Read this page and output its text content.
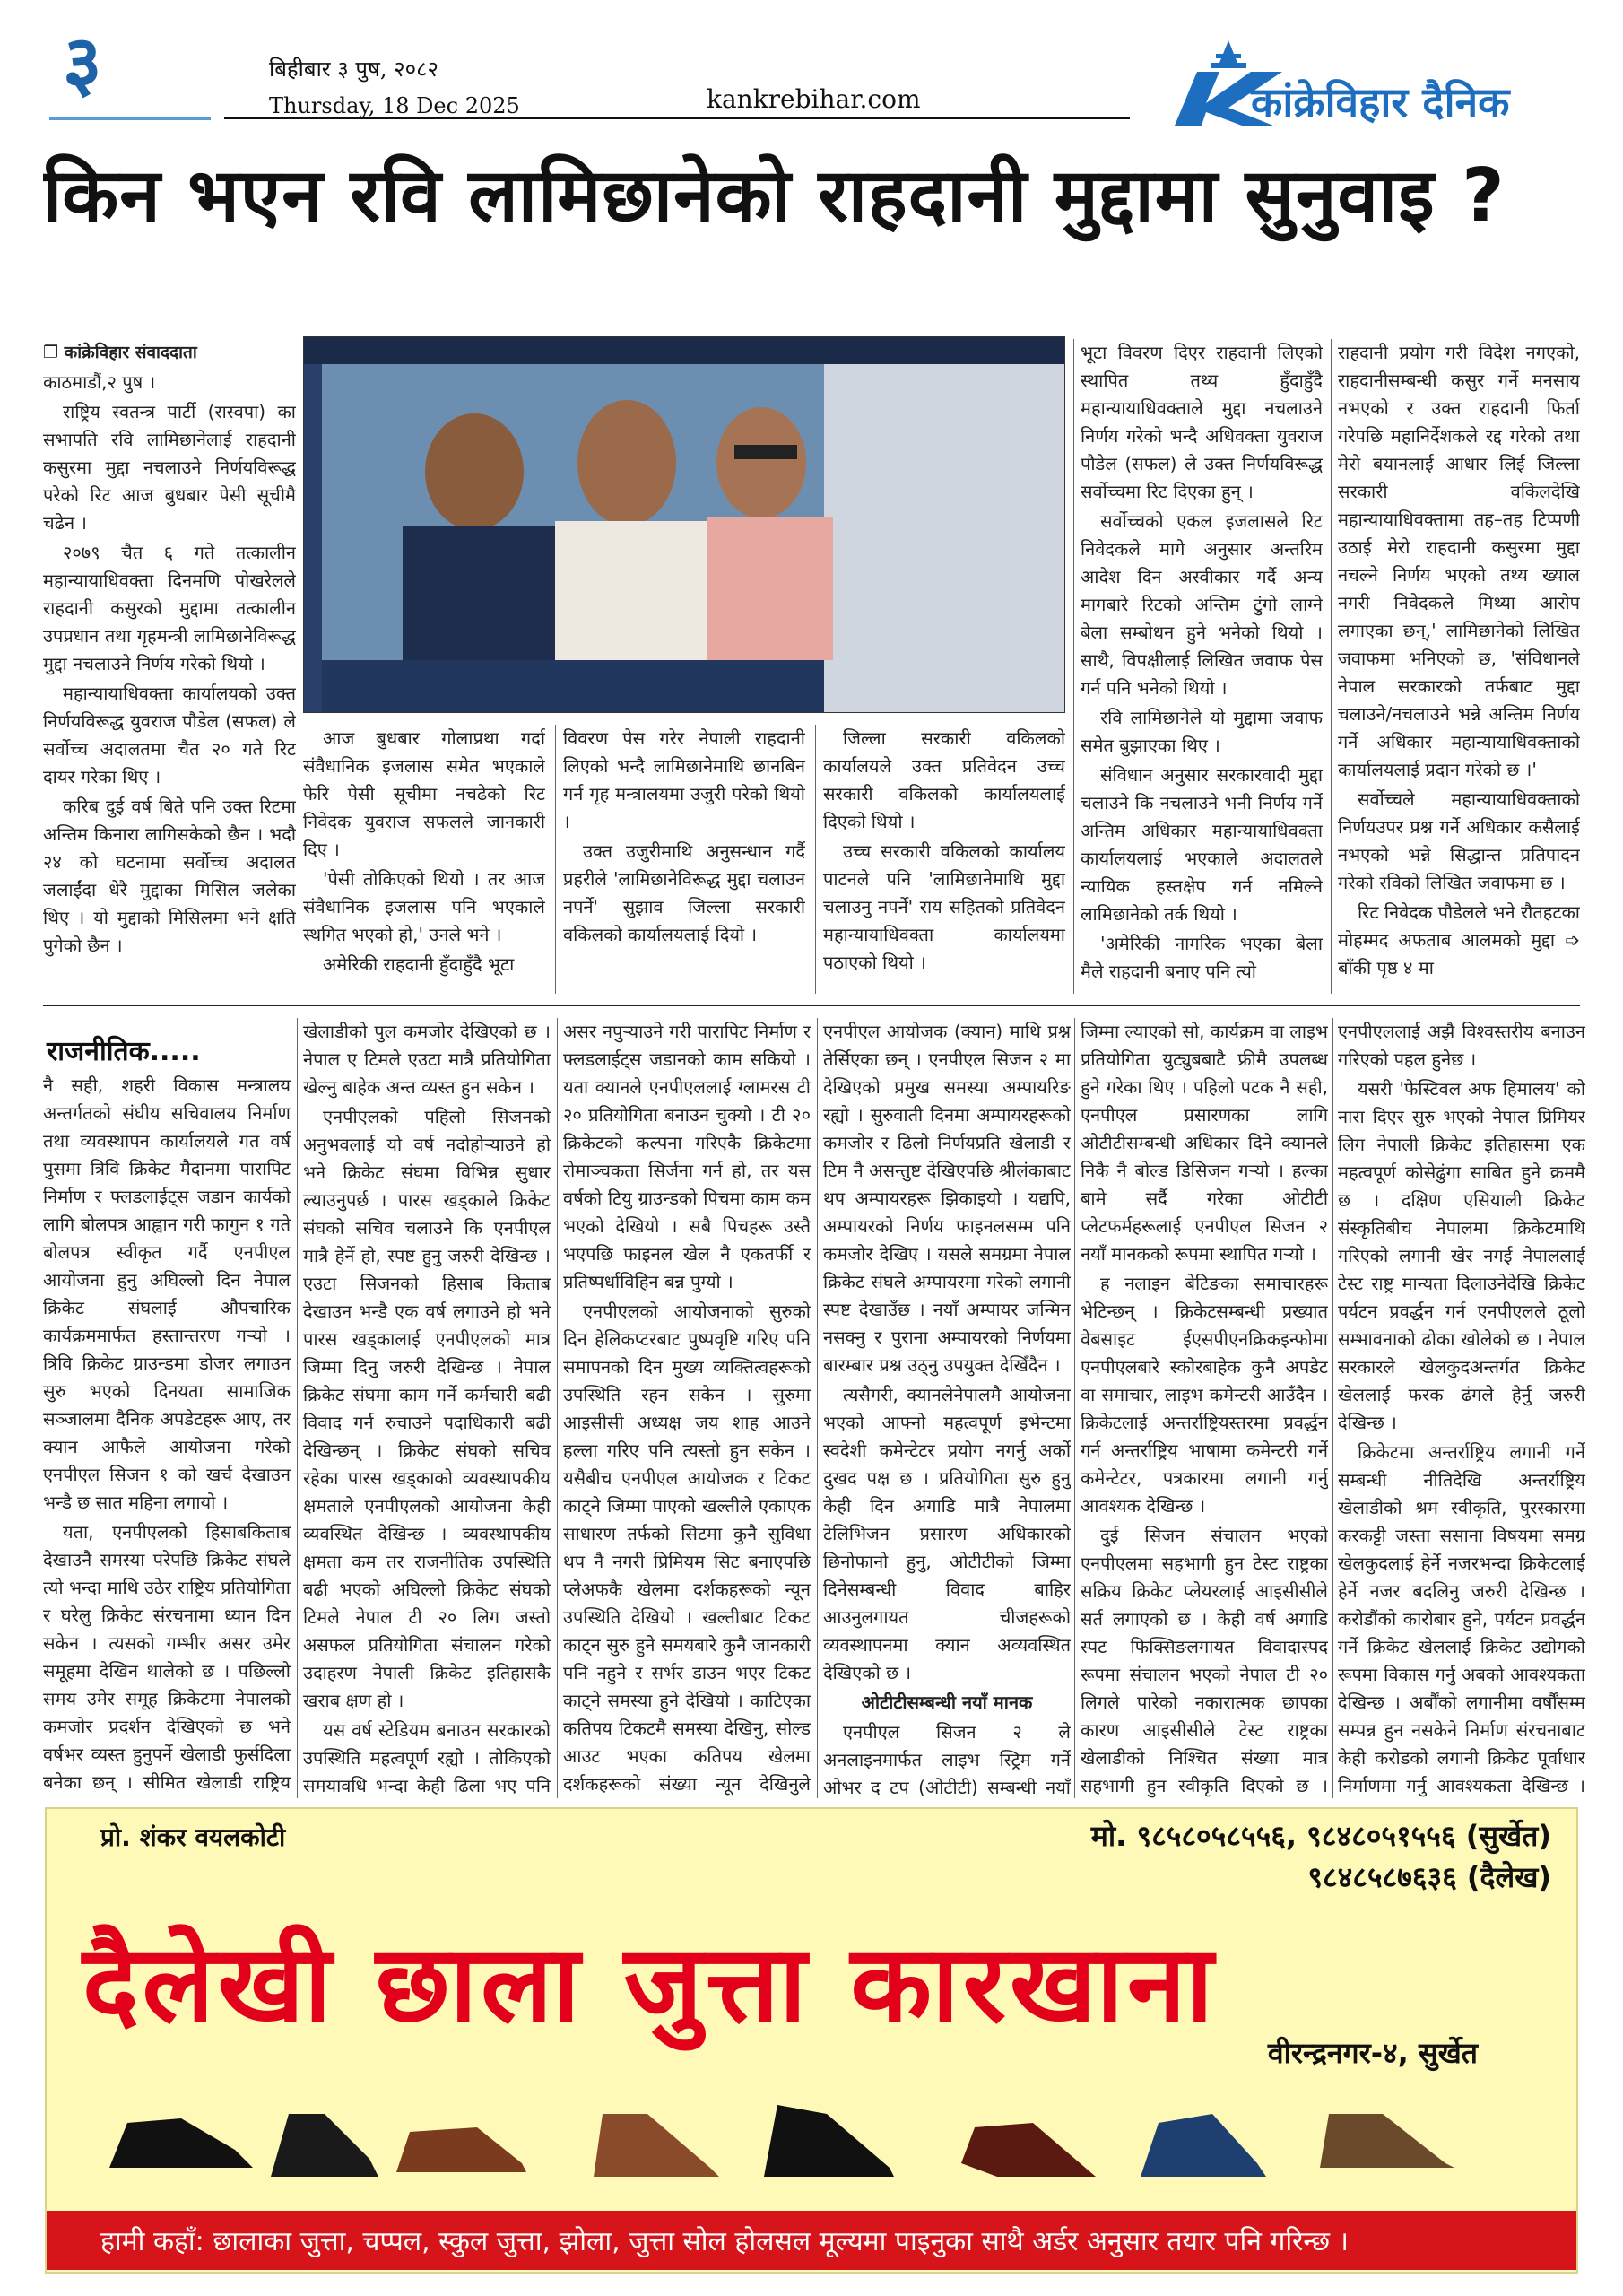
३	बिहीबार ३ पुष, २०८२
Thursday, 18 Dec 2025	kankrebihar.com	कांक्रेविहार दैनिक
किन भएन रवि लामिछानेको राहदानी मुद्दामा सुनुवाइ ?

❒ कांक्रेविहार संवाददाता

काठमाडौं,२ पुष ।

राष्ट्रिय स्वतन्त्र पार्टी (रास्वपा) का सभापति रवि लामिछानेलाई राहदानी कसुरमा मुद्दा नचलाउने निर्णयविरूद्ध परेको रिट आज बुधबार पेसी सूचीमै चढेन ।

२०७९ चैत ६ गते तत्कालीन महान्यायाधिवक्ता दिनमणि पोखरेलले राहदानी कसुरको मुद्दामा तत्कालीन उपप्रधान तथा गृहमन्त्री लामिछानेविरूद्ध मुद्दा नचलाउने निर्णय गरेको थियो ।

महान्यायाधिवक्ता कार्यालयको उक्त निर्णयविरूद्ध युवराज पौडेल (सफल) ले सर्वोच्च अदालतमा चैत २० गते रिट दायर गरेका थिए ।

करिब दुई वर्ष बिते पनि उक्त रिटमा अन्तिम किनारा लागिसकेको छैन । भदौ २४ को घटनामा सर्वोच्च अदालत जलाईंदा धेरै मुद्दाका मिसिल जलेका थिए । यो मुद्दाको मिसिलमा भने क्षति पुगेको छैन ।

आज बुधबार गोलाप्रथा गर्दा संवैधानिक इजलास समेत भएकाले फेरि पेसी सूचीमा नचढेको रिट निवेदक युवराज सफलले जानकारी दिए ।

'पेसी तोकिएको थियो । तर आज संवैधानिक इजलास पनि भएकाले स्थगित भएको हो,' उनले भने ।

अमेरिकी राहदानी हुँदाहुँदै भूटा

विवरण पेस गरेर नेपाली राहदानी लिएको भन्दै लामिछानेमाथि छानबिन गर्न गृह मन्त्रालयमा उजुरी परेको थियो ।

उक्त उजुरीमाथि अनुसन्धान गर्दै प्रहरीले 'लामिछानेविरूद्ध मुद्दा चलाउन नपर्ने' सुझाव जिल्ला सरकारी वकिलको कार्यालयलाई दियो ।

जिल्ला सरकारी वकिलको कार्यालयले उक्त प्रतिवेदन उच्च सरकारी वकिलको कार्यालयलाई दिएको थियो ।

उच्च सरकारी वकिलको कार्यालय पाटनले पनि 'लामिछानेमाथि मुद्दा चलाउनु नपर्ने' राय सहितको प्रतिवेदन महान्यायाधिवक्ता कार्यालयमा पठाएको थियो ।

भूटा विवरण दिएर राहदानी लिएको स्थापित तथ्य हुँदाहुँदै महान्यायाधिवक्ताले मुद्दा नचलाउने निर्णय गरेको भन्दै अधिवक्ता युवराज पौडेल (सफल) ले उक्त निर्णयविरूद्ध सर्वोच्चमा रिट दिएका हुन् ।

सर्वोच्चको एकल इजलासले रिट निवेदकले मागे अनुसार अन्तरिम आदेश दिन अस्वीकार गर्दै अन्य मागबारे रिटको अन्तिम टुंगो लाग्ने बेला सम्बोधन हुने भनेको थियो । साथै, विपक्षीलाई लिखित जवाफ पेस गर्न पनि भनेको थियो ।

रवि लामिछानेले यो मुद्दामा जवाफ समेत बुझाएका थिए ।

संविधान अनुसार सरकारवादी मुद्दा चलाउने कि नचलाउने भनी निर्णय गर्ने अन्तिम अधिकार महान्यायाधिवक्ता कार्यालयलाई भएकाले अदालतले न्यायिक हस्तक्षेप गर्न नमिल्ने लामिछानेको तर्क थियो ।

'अमेरिकी नागरिक भएका बेला मैले राहदानी बनाए पनि त्यो

राहदानी प्रयोग गरी विदेश नगएको, राहदानीसम्बन्धी कसुर गर्ने मनसाय नभएको र उक्त राहदानी फिर्ता गरेपछि महानिर्देशकले रद्द गरेको तथा मेरो बयानलाई आधार लिई जिल्ला सरकारी वकिलदेखि महान्यायाधिवक्तामा तह–तह टिप्पणी उठाई मेरो राहदानी कसुरमा मुद्दा नचल्ने निर्णय भएको तथ्य ख्याल नगरी निवेदकले मिथ्या आरोप लगाएका छन्,' लामिछानेको लिखित जवाफमा भनिएको छ, 'संविधानले नेपाल सरकारको तर्फबाट मुद्दा चलाउने/नचलाउने भन्ने अन्तिम निर्णय गर्ने अधिकार महान्यायाधिवक्ताको कार्यालयलाई प्रदान गरेको छ ।'

सर्वोच्चले महान्यायाधिवक्ताको निर्णयउपर प्रश्न गर्ने अधिकार कसैलाई नभएको भन्ने सिद्धान्त प्रतिपादन गरेको रविको लिखित जवाफमा छ ।

रिट निवेदक पौडेलले भने रौतहटका मोहम्मद अफताब आलमको मुद्दा ➩ बाँकी पृष्ठ ४ मा

राजनीतिक.....

नै सही, शहरी विकास मन्त्रालय अन्तर्गतको संघीय सचिवालय निर्माण तथा व्यवस्थापन कार्यालयले गत वर्ष पुसमा त्रिवि क्रिकेट मैदानमा पारापिट निर्माण र फ्लडलाईट्स जडान कार्यको लागि बोलपत्र आह्वान गरी फागुन १ गते बोलपत्र स्वीकृत गर्दै एनपीएल आयोजना हुनु अघिल्लो दिन नेपाल क्रिकेट संघलाई औपचारिक कार्यक्रममार्फत हस्तान्तरण गऱ्यो । त्रिवि क्रिकेट ग्राउन्डमा डोजर लगाउन सुरु भएको दिनयता सामाजिक सञ्जालमा दैनिक अपडेटहरू आए, तर क्यान आफैले आयोजना गरेको एनपीएल सिजन १ को खर्च देखाउन भन्डै छ सात महिना लगायो ।

यता, एनपीएलको हिसाबकिताब देखाउनै समस्या परेपछि क्रिकेट संघले त्यो भन्दा माथि उठेर राष्ट्रिय प्रतियोगिता र घरेलु क्रिकेट संरचनामा ध्यान दिन सकेन । त्यसको गम्भीर असर उमेर समूहमा देखिन थालेको छ । पछिल्लो समय उमेर समूह क्रिकेटमा नेपालको कमजोर प्रदर्शन देखिएको छ भने वर्षभर व्यस्त हुनुपर्ने खेलाडी फुर्सदिला बनेका छन् । सीमित खेलाडी राष्ट्रिय

खेलाडीको पुल कमजोर देखिएको छ । नेपाल ए टिमले एउटा मात्रै प्रतियोगिता खेल्नु बाहेक अन्त व्यस्त हुन सकेन ।

एनपीएलको पहिलो सिजनको अनुभवलाई यो वर्ष नदोहोऱ्याउने हो भने क्रिकेट संघमा विभिन्न सुधार ल्याउनुपर्छ । पारस खड्काले क्रिकेट संघको सचिव चलाउने कि एनपीएल मात्रै हेर्ने हो, स्पष्ट हुनु जरुरी देखिन्छ । एउटा सिजनको हिसाब किताब देखाउन भन्डै एक वर्ष लगाउने हो भने पारस खड्कालाई एनपीएलको मात्र जिम्मा दिनु जरुरी देखिन्छ । नेपाल क्रिकेट संघमा काम गर्ने कर्मचारी बढी विवाद गर्न रुचाउने पदाधिकारी बढी देखिन्छन् । क्रिकेट संघको सचिव रहेका पारस खड्काको व्यवस्थापकीय क्षमताले एनपीएलको आयोजना केही व्यवस्थित देखिन्छ । व्यवस्थापकीय क्षमता कम तर राजनीतिक उपस्थिति बढी भएको अघिल्लो क्रिकेट संघको टिमले नेपाल टी २० लिग जस्तो असफल प्रतियोगिता संचालन गरेको उदाहरण नेपाली क्रिकेट इतिहासकै खराब क्षण हो ।

यस वर्ष स्टेडियम बनाउन सरकारको उपस्थिति महत्वपूर्ण रह्यो । तोकिएको समयावधि भन्दा केही ढिला भए पनि

असर नपुऱ्याउने गरी पारापिट निर्माण र फ्लडलाईट्स जडानको काम सकियो । यता क्यानले एनपीएललाई ग्लामरस टी २० प्रतियोगिता बनाउन चुक्यो । टी २० क्रिकेटको कल्पना गरिएकै क्रिकेटमा रोमाञ्चकता सिर्जना गर्न हो, तर यस वर्षको टियु ग्राउन्डको पिचमा काम कम भएको देखियो । सबै पिचहरू उस्तै भएपछि फाइनल खेल नै एकतर्फी र प्रतिष्पर्धाविहिन बन्न पुग्यो ।

एनपीएलको आयोजनाको सुरुको दिन हेलिकप्टरबाट पुष्पवृष्टि गरिए पनि समापनको दिन मुख्य व्यक्तित्वहरूको उपस्थिति रहन सकेन । सुरुमा आइसीसी अध्यक्ष जय शाह आउने हल्ला गरिए पनि त्यस्तो हुन सकेन । यसैबीच एनपीएल आयोजक र टिकट काट्ने जिम्मा पाएको खल्तीले एकाएक साधारण तर्फको सिटमा कुनै सुविधा थप नै नगरी प्रिमियम सिट बनाएपछि प्लेअफकै खेलमा दर्शकहरूको न्यून उपस्थिति देखियो । खल्तीबाट टिकट काट्न सुरु हुने समयबारे कुनै जानकारी पनि नहुने र सर्भर डाउन भएर टिकट काट्ने समस्या हुने देखियो । काटिएका कतिपय टिकटमै समस्या देखिनु, सोल्ड आउट भएका कतिपय खेलमा दर्शकहरूको संख्या न्यून देखिनुले

एनपीएल आयोजक (क्यान) माथि प्रश्न तेर्सिएका छन् । एनपीएल सिजन २ मा देखिएको प्रमुख समस्या अम्पायरिङ रह्यो । सुरुवाती दिनमा अम्पायरहरूको कमजोर र ढिलो निर्णयप्रति खेलाडी र टिम नै असन्तुष्ट देखिएपछि श्रीलंकाबाट थप अम्पायरहरू झिकाइयो । यद्यपि, अम्पायरको निर्णय फाइनलसम्म पनि कमजोर देखिए । यसले समग्रमा नेपाल क्रिकेट संघले अम्पायरमा गरेको लगानी स्पष्ट देखाउँछ । नयाँ अम्पायर जन्मिन नसक्नु र पुराना अम्पायरको निर्णयमा बारम्बार प्रश्न उठ्नु उपयुक्त देखिँदैन ।

त्यसैगरी, क्यानलेनेपालमै आयोजना भएको आफ्नो महत्वपूर्ण इभेन्टमा स्वदेशी कमेन्टेटर प्रयोग नगर्नु अर्को दुखद पक्ष छ । प्रतियोगिता सुरु हुनु केही दिन अगाडि मात्रै नेपालमा टेलिभिजन प्रसारण अधिकारको छिनोफानो हुनु, ओटीटीको जिम्मा दिनेसम्बन्धी विवाद बाहिर आउनुलगायत चीजहरूको व्यवस्थापनमा क्यान अव्यवस्थित देखिएको छ ।

ओटीटीसम्बन्धी नयाँ मानक

एनपीएल सिजन २ ले अनलाइनमार्फत लाइभ स्ट्रिम गर्ने ओभर द टप (ओटीटी) सम्बन्धी नयाँ

जिम्मा ल्याएको सो, कार्यक्रम वा लाइभ प्रतियोगिता युट्युबबाटै फ्रीमै उपलब्ध हुने गरेका थिए । पहिलो पटक नै सही, एनपीएल प्रसारणका लागि ओटीटीसम्बन्धी अधिकार दिने क्यानले निकै नै बोल्ड डिसिजन गऱ्यो । हल्का बामे सर्दै गरेका ओटीटी प्लेटफर्महरूलाई एनपीएल सिजन २ नयाँ मानकको रूपमा स्थापित गऱ्यो ।

ह नलाइन बेटिङका समाचारहरू भेटिन्छन् । क्रिकेटसम्बन्धी प्रख्यात वेबसाइट ईएसपीएनक्रिकइन्फोमा एनपीएलबारे स्कोरबाहेक कुनै अपडेट वा समाचार, लाइभ कमेन्टरी आउँदैन । क्रिकेटलाई अन्तर्राष्ट्रियस्तरमा प्रवर्द्धन गर्न अन्तर्राष्ट्रिय भाषामा कमेन्टरी गर्ने कमेन्टेटर, पत्रकारमा लगानी गर्नु आवश्यक देखिन्छ ।

दुई सिजन संचालन भएको एनपीएलमा सहभागी हुन टेस्ट राष्ट्रका सक्रिय क्रिकेट प्लेयरलाई आइसीसीले सर्त लगाएको छ । केही वर्ष अगाडि स्पट फिक्सिङलगायत विवादास्पद रूपमा संचालन भएको नेपाल टी २० लिगले पारेको नकारात्मक छापका कारण आइसीसीले टेस्ट राष्ट्रका खेलाडीको निश्चित संख्या मात्र सहभागी हुन स्वीकृति दिएको छ ।

एनपीएललाई अझै विश्वस्तरीय बनाउन गरिएको पहल हुनेछ ।

यसरी 'फेस्टिवल अफ हिमालय' को नारा दिएर सुरु भएको नेपाल प्रिमियर लिग नेपाली क्रिकेट इतिहासमा एक महत्वपूर्ण कोसेढुंगा साबित हुने क्रममै छ । दक्षिण एसियाली क्रिकेट संस्कृतिबीच नेपालमा क्रिकेटमाथि गरिएको लगानी खेर नगई नेपाललाई टेस्ट राष्ट्र मान्यता दिलाउनेदेखि क्रिकेट पर्यटन प्रवर्द्धन गर्न एनपीएलले ठूलो सम्भावनाको ढोका खोलेको छ । नेपाल सरकारले खेलकुदअन्तर्गत क्रिकेट खेललाई फरक ढंगले हेर्नु जरुरी देखिन्छ ।

क्रिकेटमा अन्तर्राष्ट्रिय लगानी गर्ने सम्बन्धी नीतिदेखि अन्तर्राष्ट्रिय खेलाडीको श्रम स्वीकृति, पुरस्कारमा करकट्टी जस्ता ससाना विषयमा समग्र खेलकुदलाई हेर्ने नजरभन्दा क्रिकेटलाई हेर्ने नजर बदलिनु जरुरी देखिन्छ । करोडौंको कारोबार हुने, पर्यटन प्रवर्द्धन गर्ने क्रिकेट खेललाई क्रिकेट उद्योगको रूपमा विकास गर्नु अबको आवश्यकता देखिन्छ । अर्बौंको लगानीमा वर्षौंसम्म सम्पन्न हुन नसकेने निर्माण संरचनाबाट केही करोडको लगानी क्रिकेट पूर्वाधार निर्माणमा गर्नु आवश्यकता देखिन्छ ।

प्रो. शंकर वयलकोटी	मो. ९८५८०५८५५६, ९८४८०५१५५६ (सुर्खेत)
९८४८५८७६३६ (दैलेख)
दैलेखी छाला जुत्ता कारखाना
वीरन्द्रनगर-४, सुर्खेत
हामी कहाँ: छालाका जुत्ता, चप्पल, स्कुल जुत्ता, झोला, जुत्ता सोल होलसल मूल्यमा पाइनुका साथै अर्डर अनुसार तयार पनि गरिन्छ ।
